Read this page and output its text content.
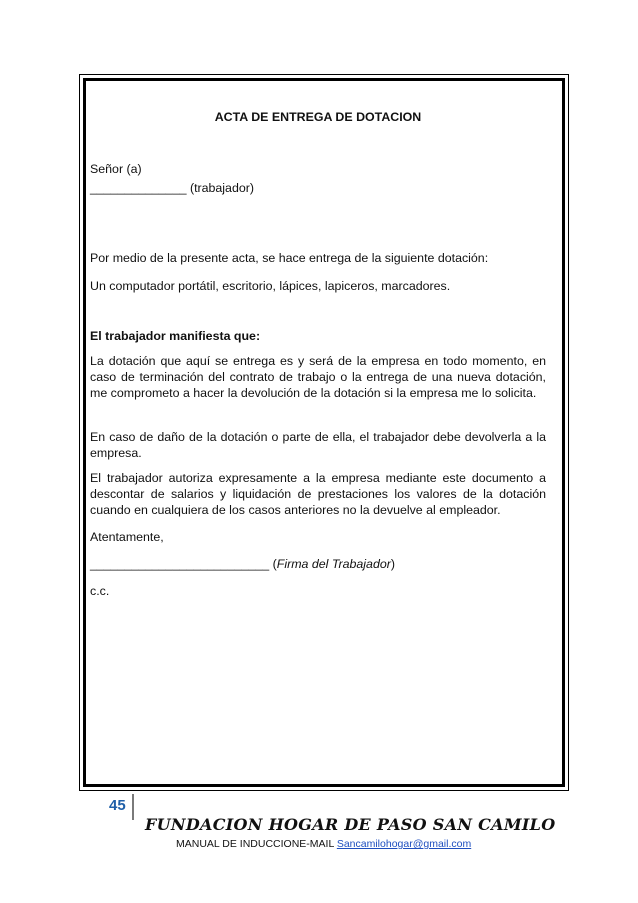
ACTA DE ENTREGA DE DOTACION
Señor (a)
______________ (trabajador)
Por medio de la presente acta, se hace entrega de la siguiente dotación:
Un computador portátil, escritorio, lápices, lapiceros, marcadores.
El trabajador manifiesta que:
La dotación que aquí se entrega es y será de la empresa en todo momento, en caso de terminación del contrato de trabajo o la entrega de una nueva dotación, me comprometo a hacer la devolución de la dotación si la empresa me lo solicita.
En caso de daño de la dotación o parte de ella, el trabajador debe devolverla a la empresa.
El trabajador autoriza expresamente a la empresa mediante este documento a descontar de salarios y liquidación de prestaciones los valores de la dotación cuando en cualquiera de los casos anteriores no la devuelve al empleador.
Atentamente,
__________________________ (Firma del Trabajador)
c.c.
45
FUNDACION HOGAR DE PASO SAN CAMILO
MANUAL DE INDUCCIONE-MAIL Sancamilohogar@gmail.com
